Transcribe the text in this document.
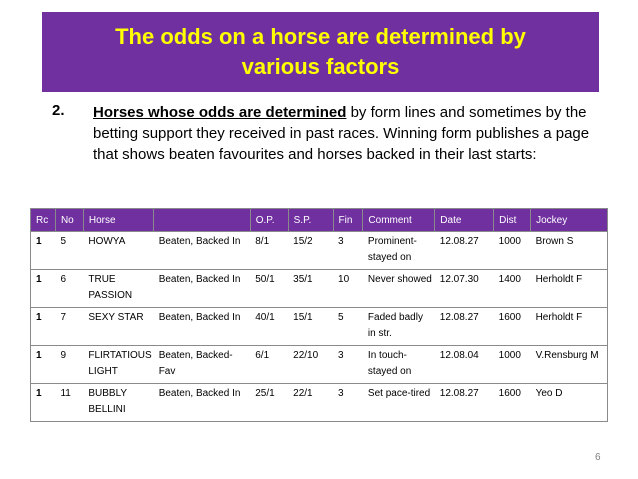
The odds on a horse are determined by
various factors
2. Horses whose odds are determined by form lines and sometimes by the betting support they received in past races. Winning form publishes a page that shows beaten favourites and horses backed in their last starts:
Rc	No	Horse		O.P.	S.P.	Fin	Comment	Date	Dist	Jockey
1	5	HOWYA	Beaten, Backed In	8/1	15/2	3	Prominent-stayed on	12.08.27	1000	Brown S
1	6	TRUE PASSION	Beaten, Backed In	50/1	35/1	10	Never showed	12.07.30	1400	Herholdt F
1	7	SEXY STAR	Beaten, Backed In	40/1	15/1	5	Faded badly in str.	12.08.27	1600	Herholdt F
1	9	FLIRTATIOUS LIGHT	Beaten, Backed-Fav	6/1	22/10	3	In touch-stayed on	12.08.04	1000	V.Rensburg M
1	11	BUBBLY BELLINI	Beaten, Backed In	25/1	22/1	3	Set pace-tired	12.08.27	1600	Yeo D
6
